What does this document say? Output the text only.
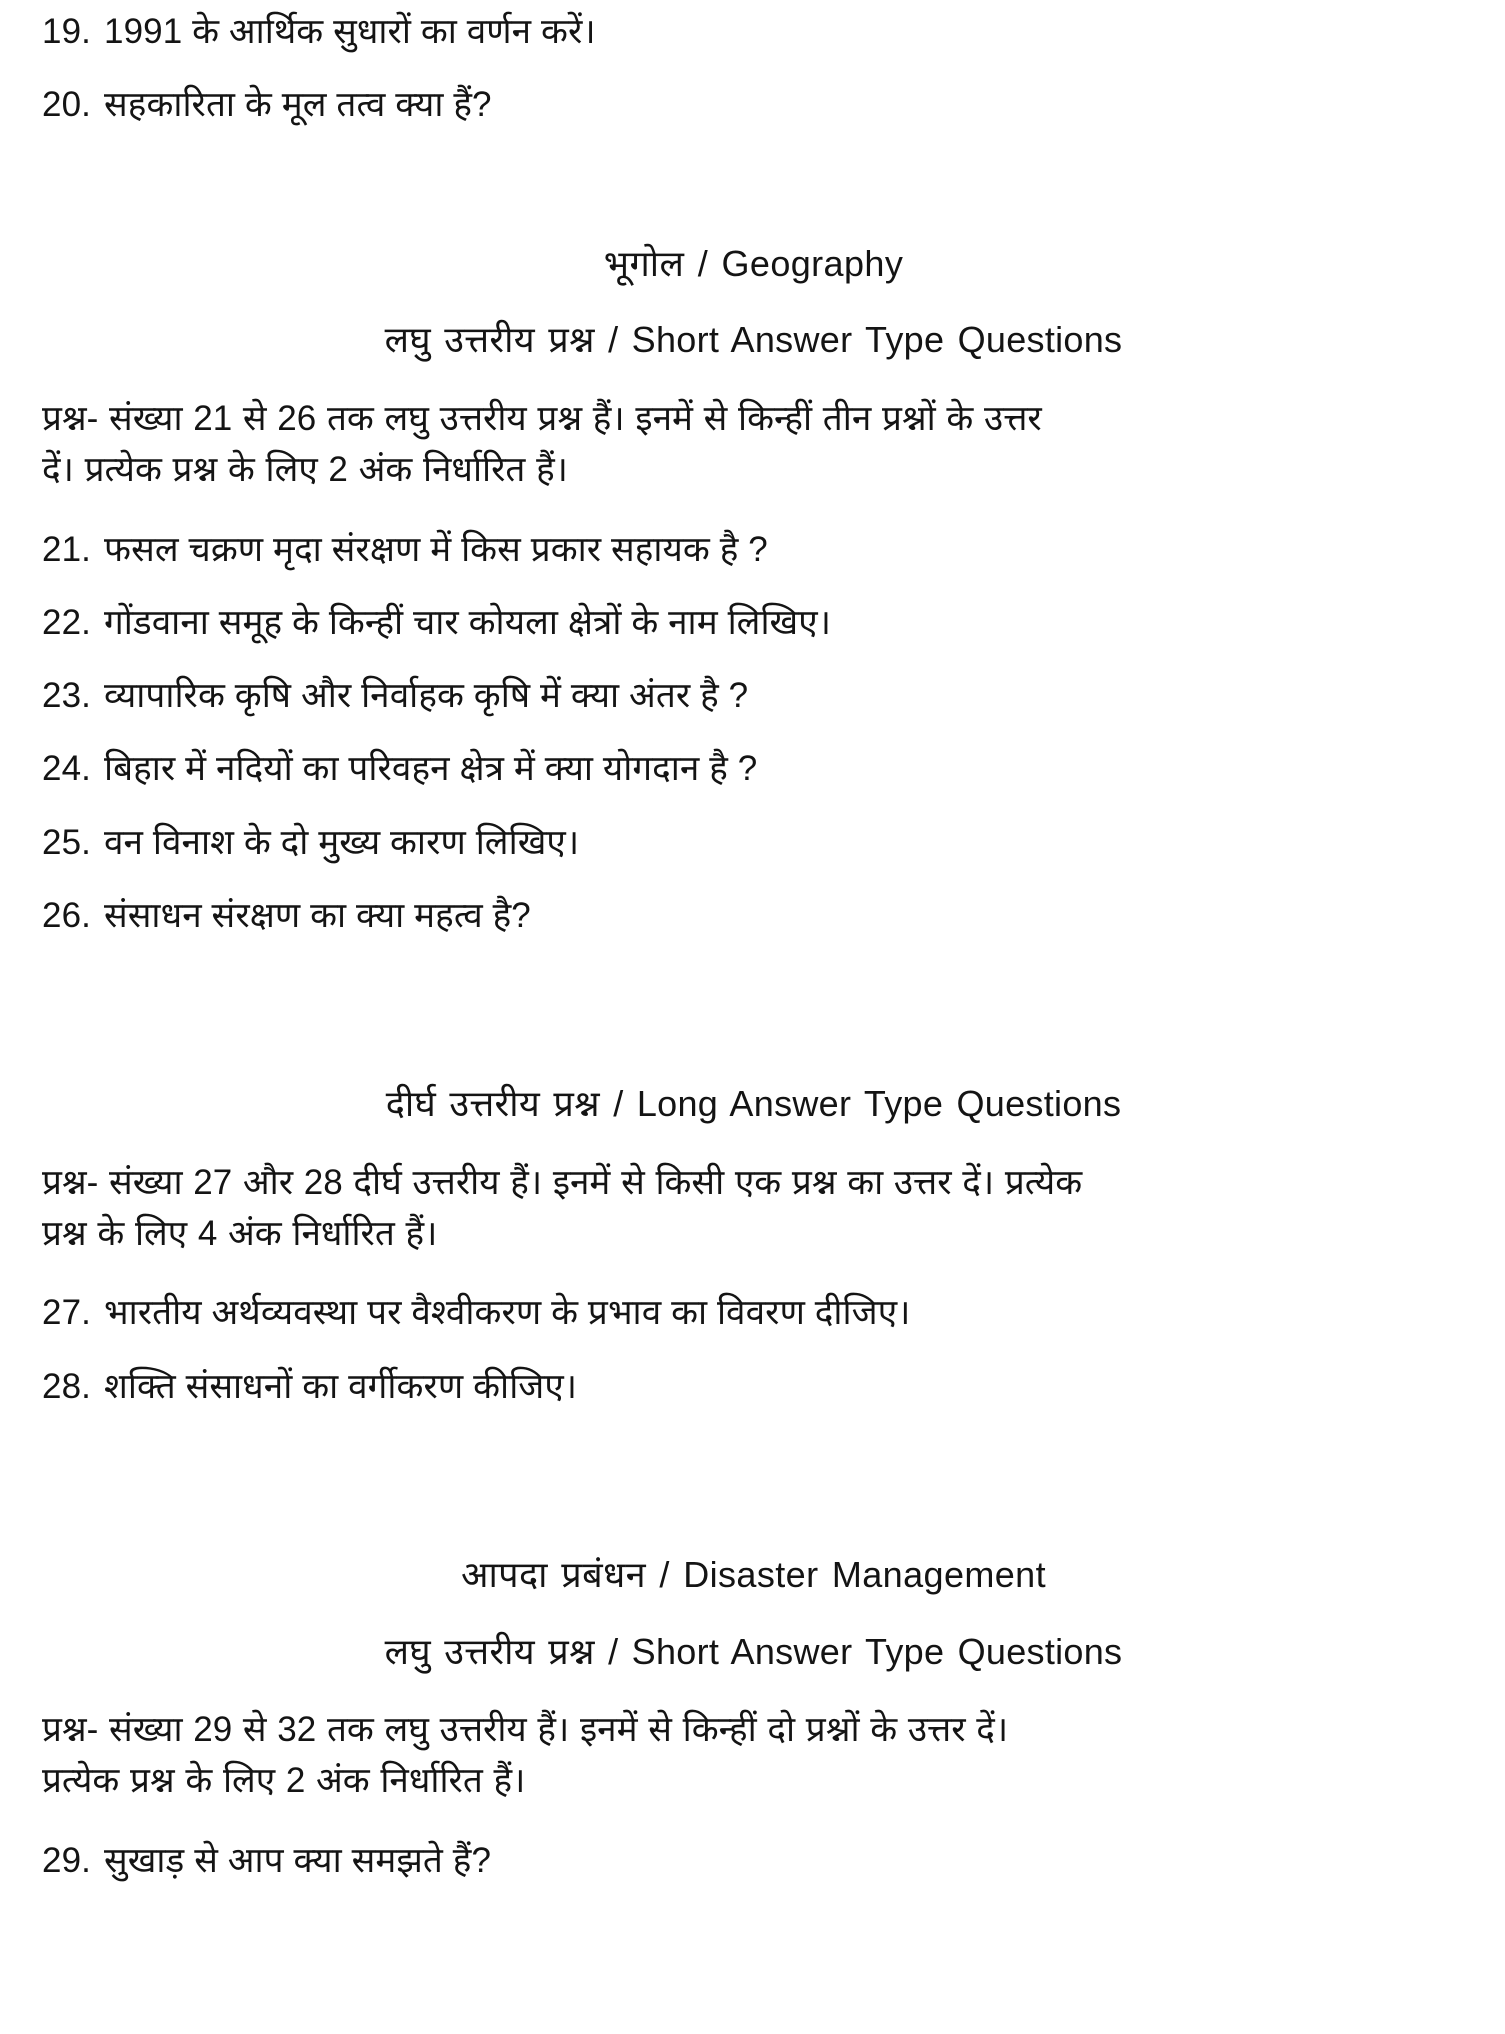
19. 1991 के आर्थिक सुधारों का वर्णन करें।
20. सहकारिता के मूल तत्व क्या हैं?
भूगोल / Geography
लघु उत्तरीय प्रश्न / Short Answer Type Questions

प्रश्न- संख्या 21 से 26 तक लघु उत्तरीय प्रश्न हैं। इनमें से किन्हीं तीन प्रश्नों के उत्तर

दें। प्रत्येक प्रश्न के लिए 2 अंक निर्धारित हैं।

21. फसल चक्रण मृदा संरक्षण में किस प्रकार सहायक है ?
22. गोंडवाना समूह के किन्हीं चार कोयला क्षेत्रों के नाम लिखिए।
23. व्यापारिक कृषि और निर्वाहक कृषि में क्या अंतर है ?
24. बिहार में नदियों का परिवहन क्षेत्र में क्या योगदान है ?
25. वन विनाश के दो मुख्य कारण लिखिए।
26. संसाधन संरक्षण का क्या महत्व है?
दीर्घ उत्तरीय प्रश्न / Long Answer Type Questions

प्रश्न- संख्या 27 और 28 दीर्घ उत्तरीय हैं। इनमें से किसी एक प्रश्न का उत्तर दें। प्रत्येक

प्रश्न के लिए 4 अंक निर्धारित हैं।

27. भारतीय अर्थव्यवस्था पर वैश्वीकरण के प्रभाव का विवरण दीजिए।
28. शक्ति संसाधनों का वर्गीकरण कीजिए।
आपदा प्रबंधन / Disaster Management
लघु उत्तरीय प्रश्न / Short Answer Type Questions

प्रश्न- संख्या 29 से 32 तक लघु उत्तरीय हैं। इनमें से किन्हीं दो प्रश्नों के उत्तर दें।

प्रत्येक प्रश्न के लिए 2 अंक निर्धारित हैं।

29. सुखाड़ से आप क्या समझते हैं?
